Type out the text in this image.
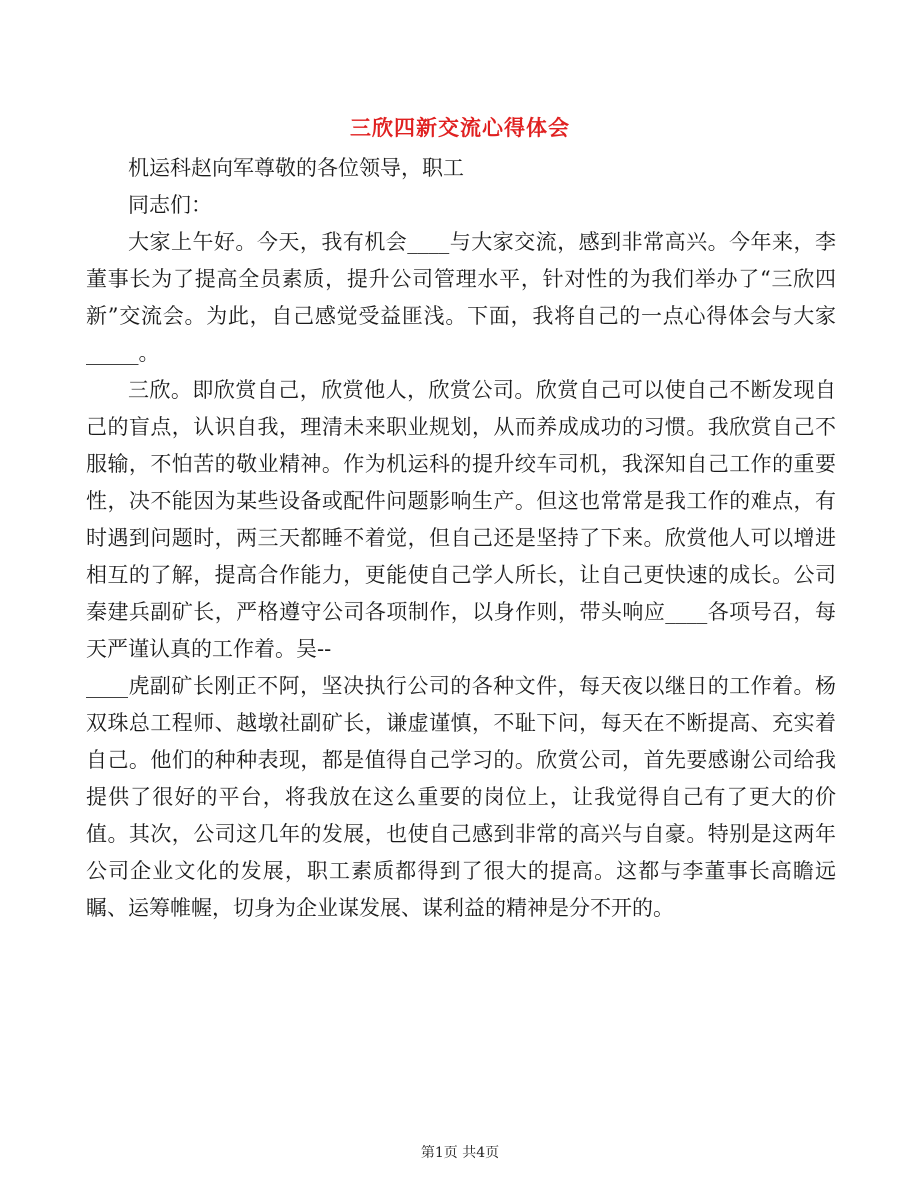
三欣四新交流心得体会

机运科赵向军尊敬的各位领导，职工

同志们：

大家上午好。今天，我有机会____与大家交流，感到非常高兴。今年来，李董事长为了提高全员素质，提升公司管理水平，针对性的为我们举办了“三欣四新”交流会。为此，自己感觉受益匪浅。下面，我将自己的一点心得体会与大家_____。

三欣。即欣赏自己，欣赏他人，欣赏公司。欣赏自己可以使自己不断发现自己的盲点，认识自我，理清未来职业规划，从而养成成功的习惯。我欣赏自己不服输，不怕苦的敬业精神。作为机运科的提升绞车司机，我深知自己工作的重要性，决不能因为某些设备或配件问题影响生产。但这也常常是我工作的难点，有时遇到问题时，两三天都睡不着觉，但自己还是坚持了下来。欣赏他人可以增进相互的了解，提高合作能力，更能使自己学人所长，让自己更快速的成长。公司秦建兵副矿长，严格遵守公司各项制作，以身作则，带头响应____各项号召，每天严谨认真的工作着。吴--

____虎副矿长刚正不阿，坚决执行公司的各种文件，每天夜以继日的工作着。杨双珠总工程师、越墩社副矿长，谦虚谨慎，不耻下问，每天在不断提高、充实着自己。他们的种种表现，都是值得自己学习的。欣赏公司，首先要感谢公司给我提供了很好的平台，将我放在这么重要的岗位上，让我觉得自己有了更大的价值。其次，公司这几年的发展，也使自己感到非常的高兴与自豪。特别是这两年公司企业文化的发展，职工素质都得到了很大的提高。这都与李董事长高瞻远瞩、运筹帷幄，切身为企业谋发展、谋利益的精神是分不开的。

第1页 共4页
